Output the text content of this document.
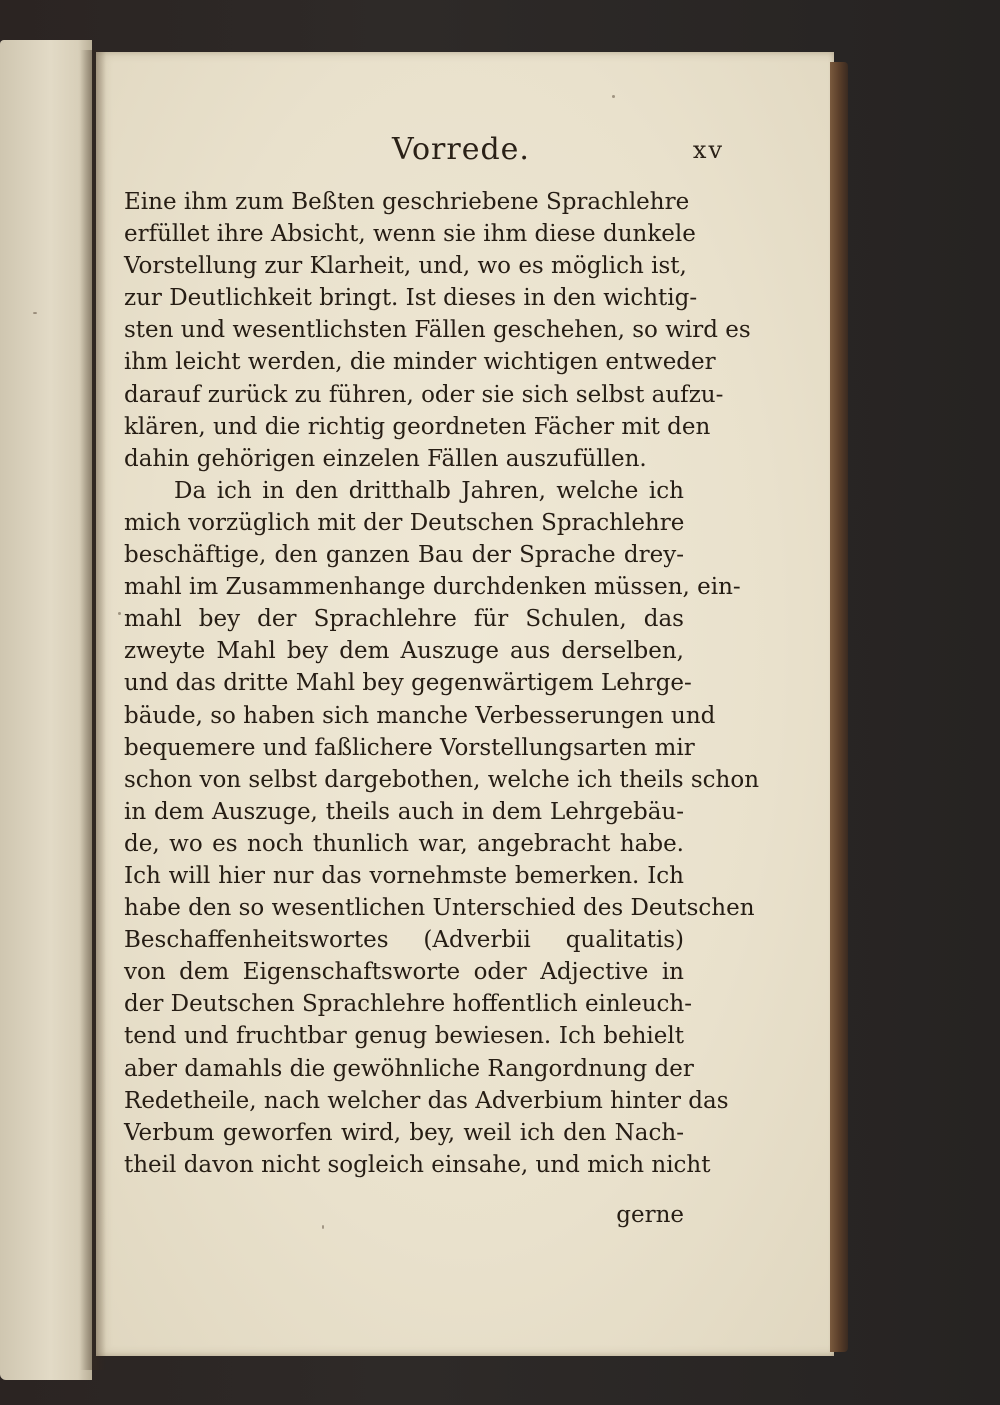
Vorrede.	xv
Eine ihm zum Beßten geschriebene Sprachlehre
erfüllet ihre Absicht, wenn sie ihm diese dunkele
Vorstellung zur Klarheit, und, wo es möglich ist,
zur Deutlichkeit bringt. Ist dieses in den wichtig-
sten und wesentlichsten Fällen geschehen, so wird es
ihm leicht werden, die minder wichtigen entweder
darauf zurück zu führen, oder sie sich selbst aufzu-
klären, und die richtig geordneten Fächer mit den
dahin gehörigen einzelen Fällen auszufüllen.
Da ich in den dritthalb Jahren, welche ich
mich vorzüglich mit der Deutschen Sprachlehre
beschäftige, den ganzen Bau der Sprache drey-
mahl im Zusammenhange durchdenken müssen, ein-
mahl bey der Sprachlehre für Schulen, das
zweyte Mahl bey dem Auszuge aus derselben,
und das dritte Mahl bey gegenwärtigem Lehrge-
bäude, so haben sich manche Verbesserungen und
bequemere und faßlichere Vorstellungsarten mir
schon von selbst dargebothen, welche ich theils schon
in dem Auszuge, theils auch in dem Lehrgebäu-
de, wo es noch thunlich war, angebracht habe.
Ich will hier nur das vornehmste bemerken. Ich
habe den so wesentlichen Unterschied des Deutschen
Beschaffenheitswortes (Adverbii qualitatis)
von dem Eigenschaftsworte oder Adjective in
der Deutschen Sprachlehre hoffentlich einleuch-
tend und fruchtbar genug bewiesen. Ich behielt
aber damahls die gewöhnliche Rangordnung der
Redetheile, nach welcher das Adverbium hinter das
Verbum geworfen wird, bey, weil ich den Nach-
theil davon nicht sogleich einsahe, und mich nicht
gerne
